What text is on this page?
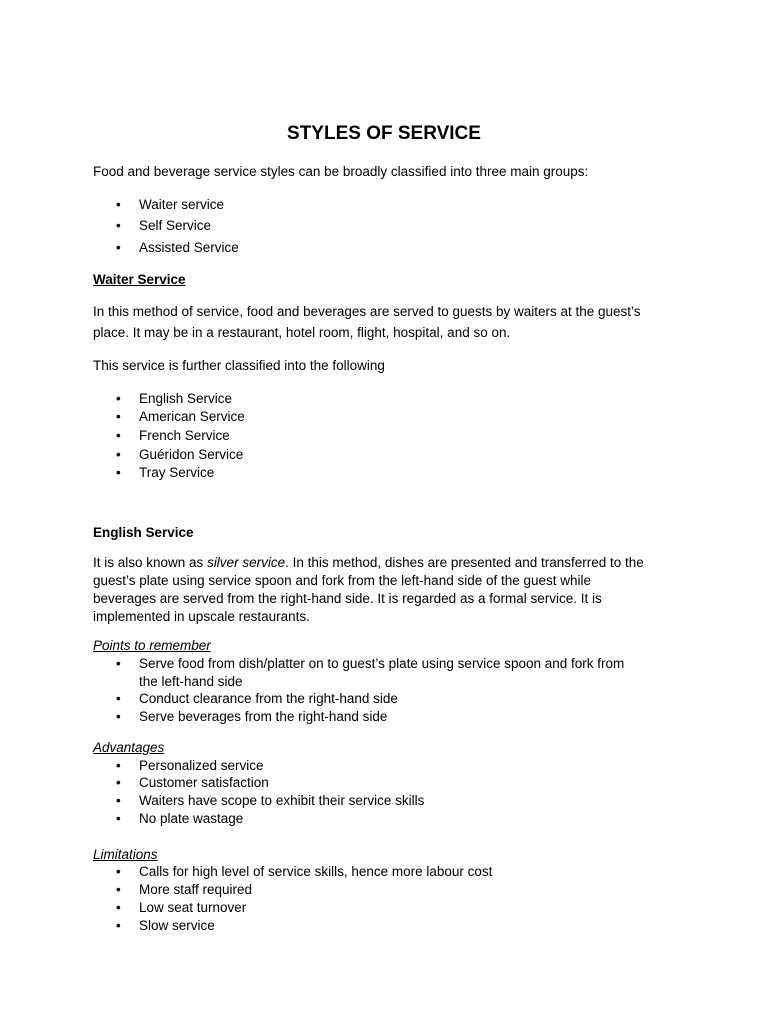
STYLES OF SERVICE
Food and beverage service styles can be broadly classified into three main groups:
• Waiter service
• Self Service
• Assisted Service
Waiter Service
In this method of service, food and beverages are served to guests by waiters at the guest’s
place. It may be in a restaurant, hotel room, flight, hospital, and so on.
This service is further classified into the following
• English Service
• American Service
• French Service
• Guéridon Service
• Tray Service
English Service
It is also known as silver service. In this method, dishes are presented and transferred to the
guest’s plate using service spoon and fork from the left-hand side of the guest while
beverages are served from the right-hand side. It is regarded as a formal service. It is
implemented in upscale restaurants.
Points to remember
• Serve food from dish/platter on to guest’s plate using service spoon and fork from
the left-hand side
• Conduct clearance from the right-hand side
• Serve beverages from the right-hand side
Advantages
• Personalized service
• Customer satisfaction
• Waiters have scope to exhibit their service skills
• No plate wastage
Limitations
• Calls for high level of service skills, hence more labour cost
• More staff required
• Low seat turnover
• Slow service
